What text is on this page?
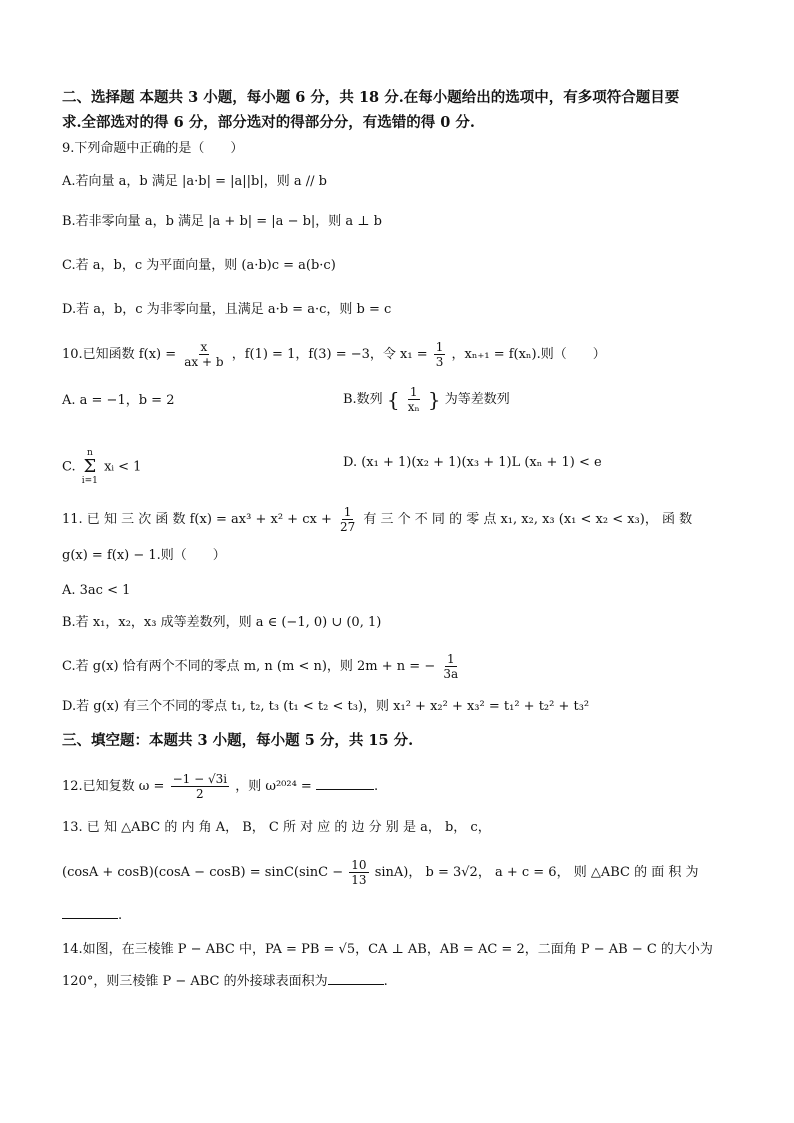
二、选择题 本题共 3 小题，每小题 6 分，共 18 分.在每小题给出的选项中，有多项符合题目要
求.全部选对的得 6 分，部分选对的得部分分，有选错的得 0 分.
9.下列命题中正确的是（　　）
A.若向量 a，b 满足 |a·b| = |a||b|，则 a // b
B.若非零向量 a，b 满足 |a + b| = |a − b|，则 a ⊥ b
C.若 a，b，c 为平面向量，则 (a·b)c = a(b·c)
D.若 a，b，c 为非零向量，且满足 a·b = a·c，则 b = c
10.已知函数 $f(x) = \frac{x}{ax + b}$ ，f(1) = 1，f(3) = −3，令 $x_1 = \frac{1}{3}$ ，xₙ₊₁ = f(xₙ).则（　　）
A. a = −1，b = 2	B.数列 { $\frac{1}{\text{xₙ}}$ } 为等差数列
C.
n
Σ
i=1
xᵢ < 1	D. (x₁ + 1)(x₂ + 1)(x₃ + 1)L (xₙ + 1) < e
11. 已 知 三 次 函 数 f(x) = ax³ + x² + cx + $\frac{1}{27}$ 有 三 个 不 同 的 零 点 x₁, x₂, x₃ (x₁ < x₂ < x₃)， 函 数
g(x) = f(x) − 1.则（　　）
A. 3ac < 1
B.若 x₁，x₂，x₃ 成等差数列，则 a ∈ (−1, 0) ∪ (0, 1)
C.若 g(x) 恰有两个不同的零点 m, n (m < n)，则 2m + n = − $\frac{1}{3a}$
D.若 g(x) 有三个不同的零点 t₁, t₂, t₃ (t₁ < t₂ < t₃)，则 x₁² + x₂² + x₃² = t₁² + t₂² + t₃²
三、填空题：本题共 3 小题，每小题 5 分，共 15 分.
12.已知复数 $\omega = \frac{-1 - √3i}{2}$ ，则 ω²⁰²⁴ =	.
13. 已 知 △ABC 的 内 角 A， B， C 所 对 应 的 边 分 别 是 a， b， c，
$(\cos A + \cos B)(\cos A - \cos B) = \sin C(\sin C - \frac{10}{13} \sin A)$， b = 3√2， a + c = 6， 则 △ABC 的 面 积 为
.
14.如图，在三棱锥 P − ABC 中，PA = PB = √5，CA ⊥ AB，AB = AC = 2，二面角 P − AB − C 的大小为
120°，则三棱锥 P − ABC 的外接球表面积为	.
